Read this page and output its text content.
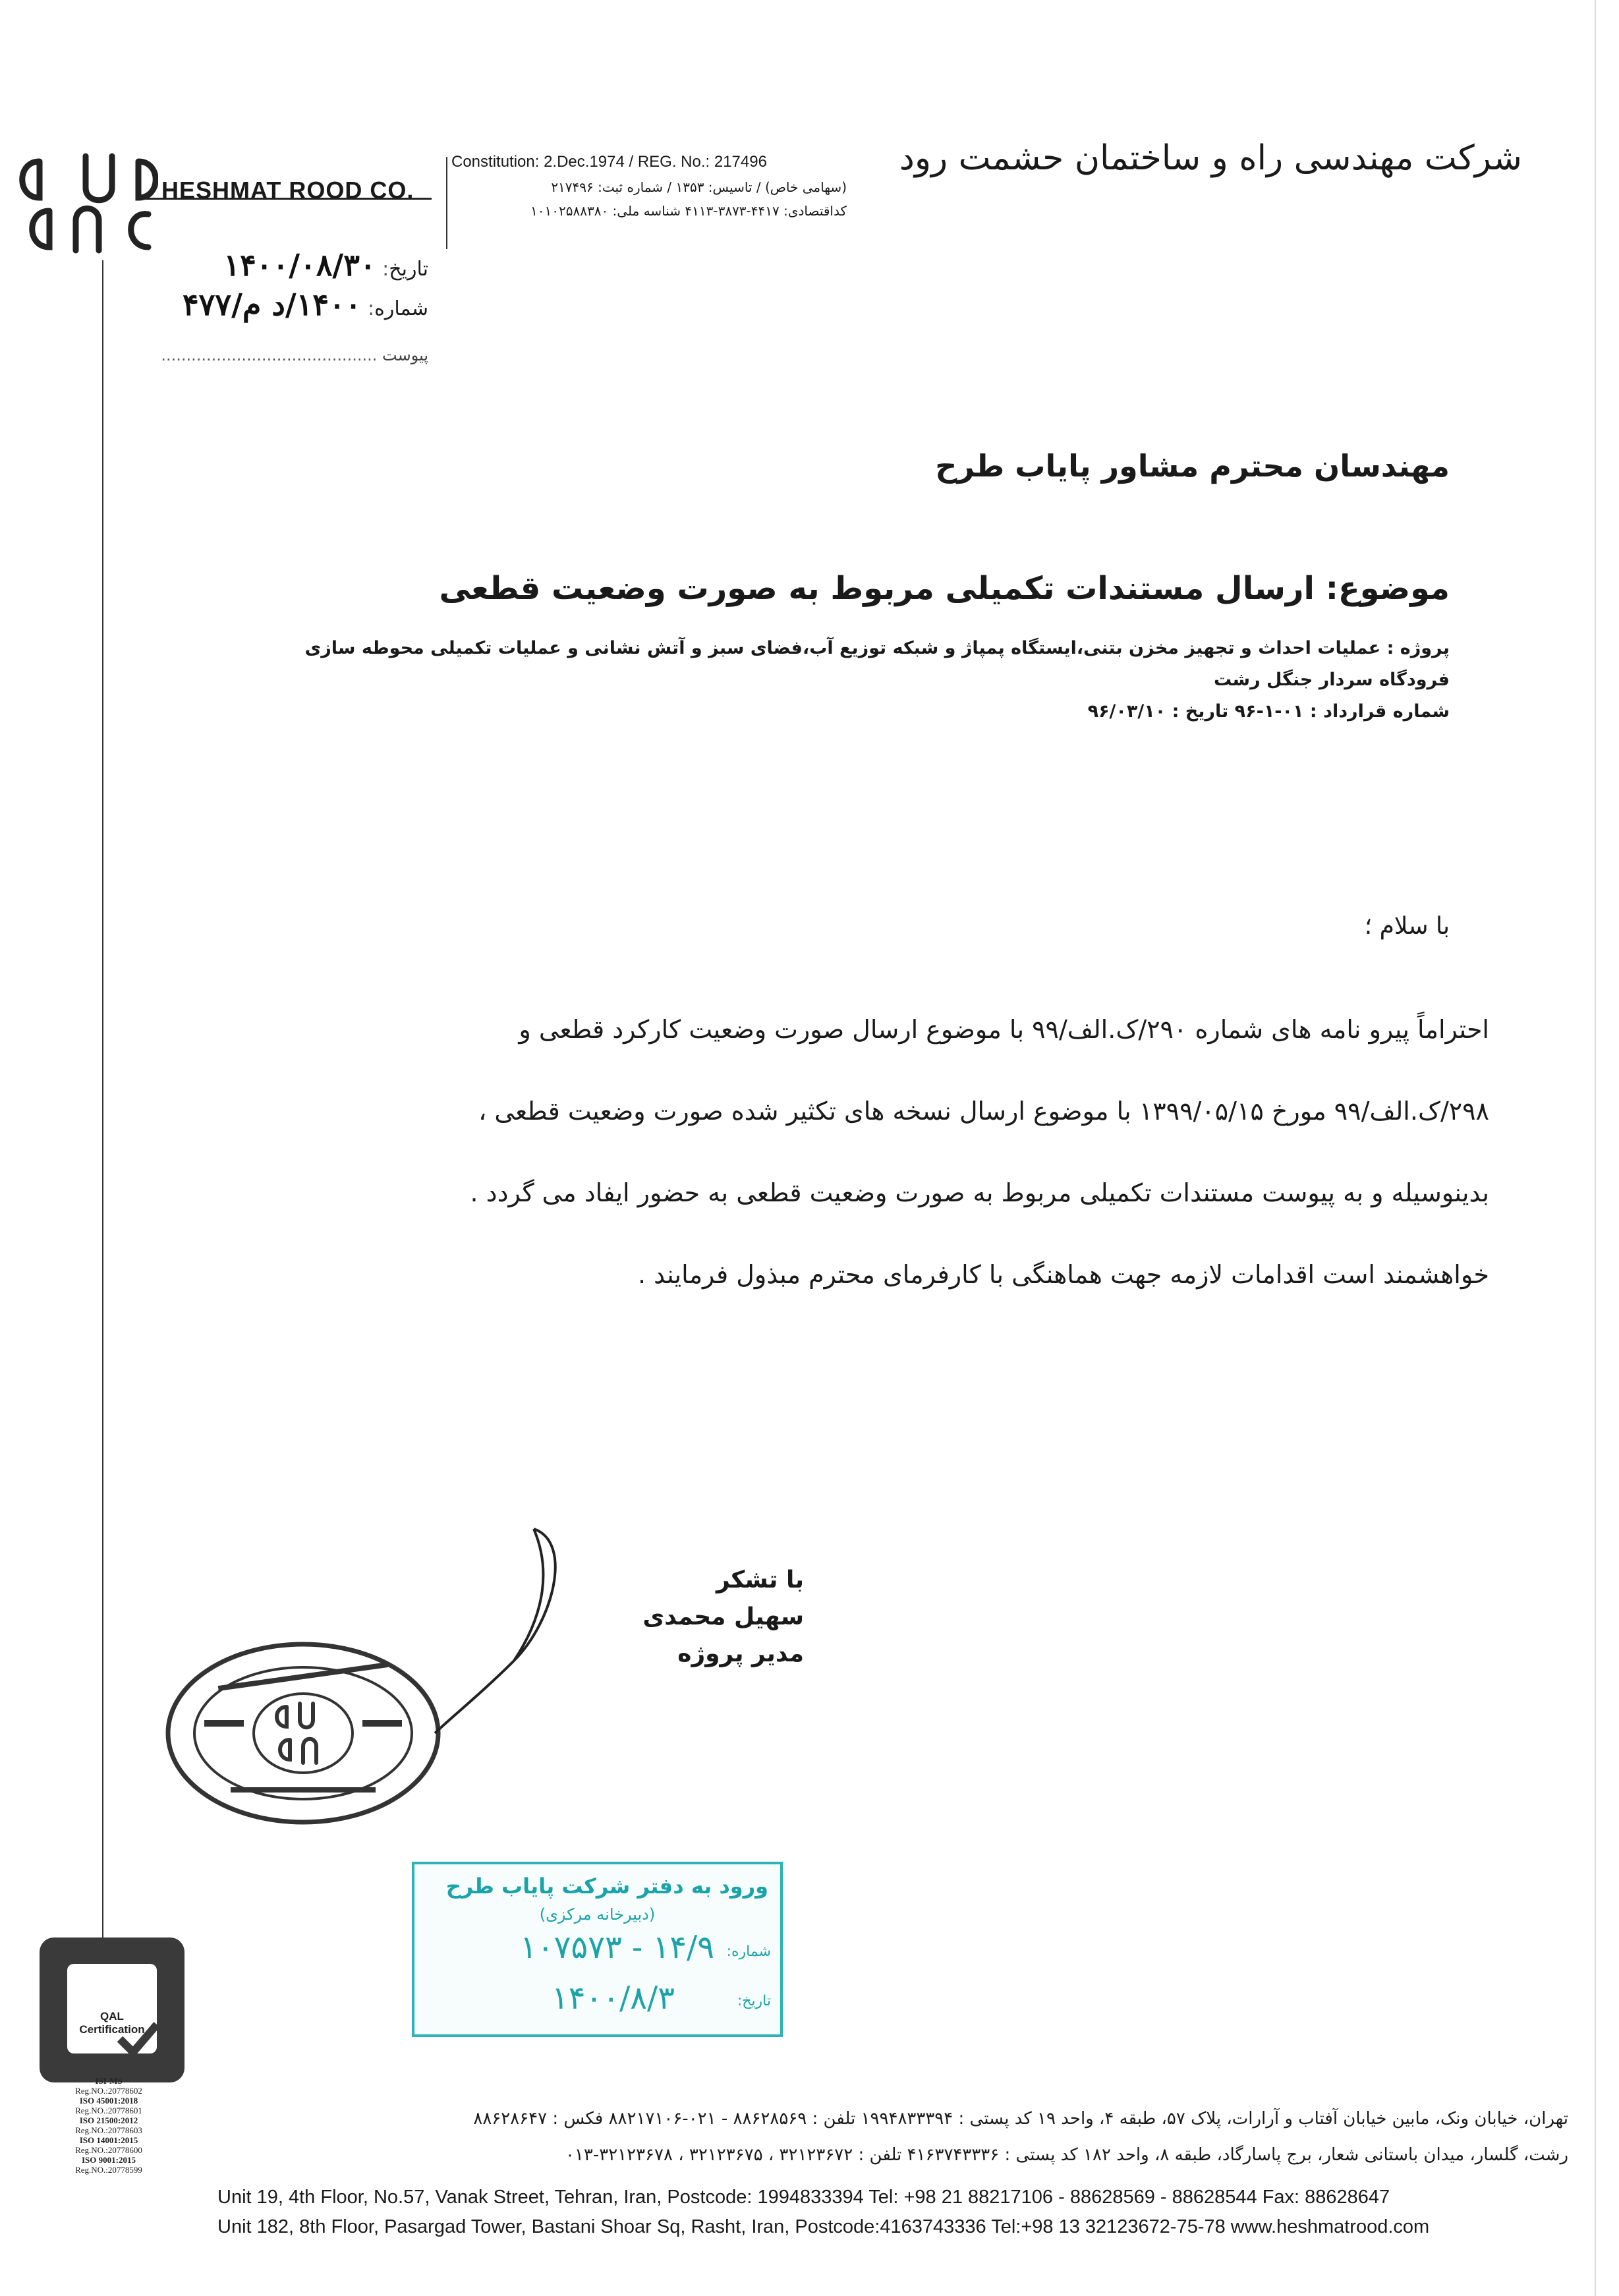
HESHMAT ROOD CO.
تاریخ: ۱۴۰۰/۰۸/۳۰
شماره: ۱۴۰۰/د م/۴۷۷
پیوست ...........................................
Constitution: 2.Dec.1974 / REG. No.: 217496
(سهامی خاص) / تاسیس: ۱۳۵۳ / شماره ثبت: ۲۱۷۴۹۶
کداقتصادی: ۴۴۱۷-۳۸۷۳-۴۱۱۳ شناسه ملی: ۱۰۱۰۲۵۸۸۳۸۰
شرکت مهندسی راه و ساختمان حشمت رود
مهندسان محترم مشاور پایاب طرح
موضوع: ارسال مستندات تکمیلی مربوط به صورت وضعیت قطعی
پروژه : عملیات احداث و تجهیز مخزن بتنی،ایستگاه پمپاژ و شبکه توزیع آب،فضای سبز و آتش نشانی و عملیات تکمیلی محوطه سازی
فرودگاه سردار جنگل رشت
شماره قرارداد : ۰۱-۱-۹۶ تاریخ : ۹۶/۰۳/۱۰
با سلام ؛

احتراماً پیرو نامه های شماره ۲۹۰/ک.الف/۹۹ با موضوع ارسال صورت وضعیت کارکرد قطعی و

۲۹۸/ک.الف/۹۹ مورخ ۱۳۹۹/۰۵/۱۵ با موضوع ارسال نسخه های تکثیر شده صورت وضعیت قطعی ،

بدینوسیله و به پیوست مستندات تکمیلی مربوط به صورت وضعیت قطعی به حضور ایفاد می گردد .

خواهشمند است اقدامات لازمه جهت هماهنگی با کارفرمای محترم مبذول فرمایند .

با تشکر
سهیل محمدی
مدیر پروژه
ورود به دفتر شرکت پایاب طرح
(دبیرخانه مرکزی)
شماره:
۱۴/۹ - ۱۰۷۵۷۳
تاریخ:
۱۴۰۰/۸/۳
QAL
Certification
ISI-MS
Reg.NO.:20778602
ISO 45001:2018
Reg.NO.:20778601
ISO 21500:2012
Reg.NO.:20778603
ISO 14001:2015
Reg.NO.:20778600
ISO 9001:2015
Reg.NO.:20778599
تهران، خیابان ونک، مابین خیابان آفتاب و آرارات، پلاک ۵۷، طبقه ۴، واحد ۱۹ کد پستی : ۱۹۹۴۸۳۳۳۹۴ تلفن : ۸۸۶۲۸۵۶۹ - ۰۲۱-۸۸۲۱۷۱۰۶ فکس : ۸۸۶۲۸۶۴۷
رشت، گلسار، میدان باستانی شعار، برج پاسارگاد، طبقه ۸، واحد ۱۸۲ کد پستی : ۴۱۶۳۷۴۳۳۳۶ تلفن : ۳۲۱۲۳۶۷۲ ، ۳۲۱۲۳۶۷۵ ، ۳۲۱۲۳۶۷۸-۰۱۳
Unit 19, 4th Floor, No.57, Vanak Street, Tehran, Iran, Postcode: 1994833394 Tel: +98 21 88217106 - 88628569 - 88628544 Fax: 88628647
Unit 182, 8th Floor, Pasargad Tower, Bastani Shoar Sq, Rasht, Iran, Postcode:4163743336 Tel:+98 13 32123672-75-78 www.heshmatrood.com
